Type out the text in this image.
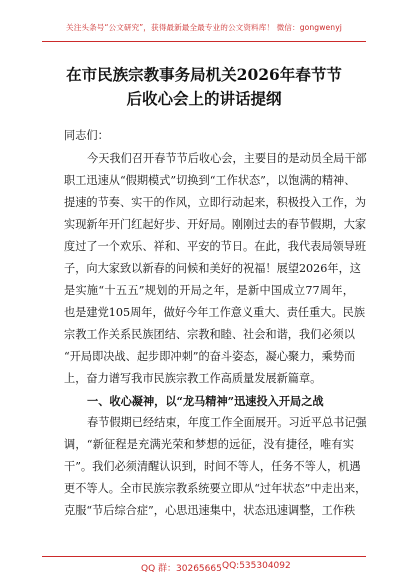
关注头条号“公文研究”，获得最新最全最专业的公文资料库！ 微信：gongwenyj
在市民族宗教事务局机关2026年春节节
后收心会上的讲话提纲
同志们：
今天我们召开春节节后收心会，主要目的是动员全局干部
职工迅速从“假期模式”切换到“工作状态”，以饱满的精神、
提速的节奏、实干的作风，立即行动起来，积极投入工作，为
实现新年开门红起好步、开好局。刚刚过去的春节假期，大家
度过了一个欢乐、祥和、平安的节日。在此，我代表局领导班
子，向大家致以新春的问候和美好的祝福！展望2026年，这
是实施“十五五”规划的开局之年，是新中国成立77周年，
也是建党105周年，做好今年工作意义重大、责任重大。民族
宗教工作关系民族团结、宗教和睦、社会和谐，我们必须以
“开局即决战、起步即冲刺”的奋斗姿态，凝心聚力，乘势而
上，奋力谱写我市民族宗教工作高质量发展新篇章。
一、收心凝神，以“龙马精神”迅速投入开局之战
春节假期已经结束，年度工作全面展开。习近平总书记强
调，“新征程是充满光荣和梦想的远征，没有捷径，唯有实
干”。我们必须清醒认识到，时间不等人，任务不等人，机遇
更不等人。全市民族宗教系统要立即从“过年状态”中走出来，
克服“节后综合症”，心思迅速集中，状态迅速调整，工作秩
QQ 群：30265665 QQ:535304092
